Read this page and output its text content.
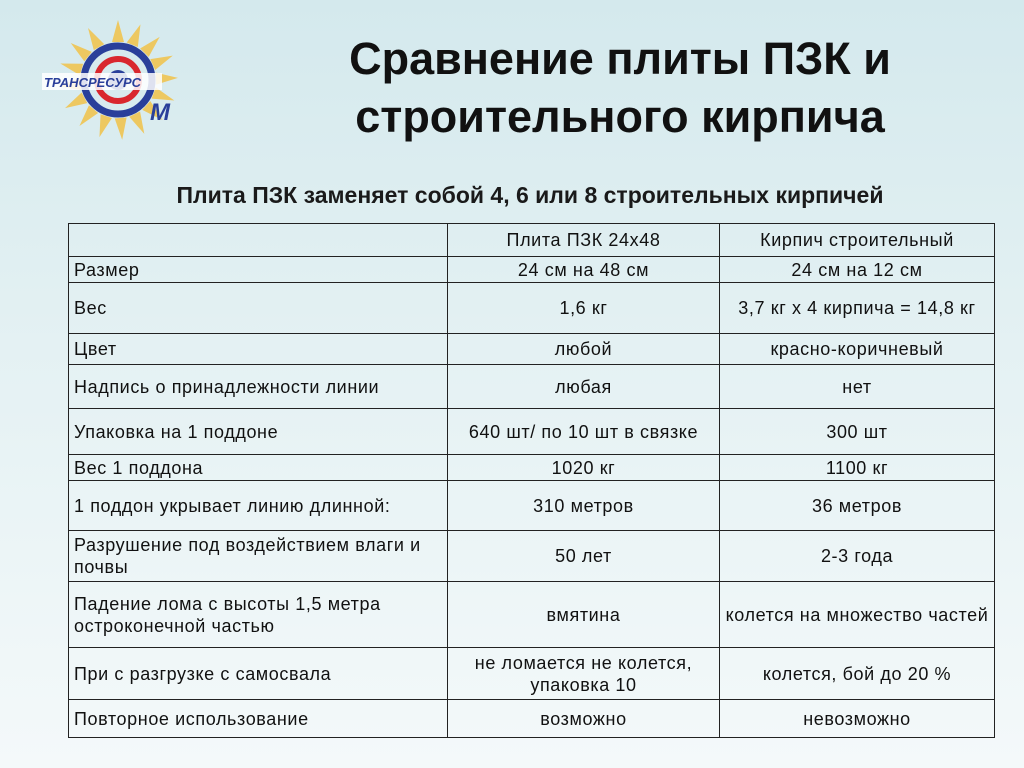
ТРАНСРЕСУРС
М
Сравнение плиты ПЗК и
строительного кирпича
Плита ПЗК заменяет собой 4, 6 или 8 строительных кирпичей
	Плита ПЗК 24х48	Кирпич строительный
Размер	24 см на 48 см	24 см на 12 см
Вес	1,6 кг	3,7 кг х 4 кирпича = 14,8 кг
Цвет	любой	красно-коричневый
Надпись о принадлежности линии	любая	нет
Упаковка на 1 поддоне	640 шт/ по 10 шт в связке	300 шт
Вес 1 поддона	1020 кг	1100 кг
1 поддон укрывает линию длинной:	310 метров	36 метров
Разрушение под воздействием влаги и почвы	50 лет	2-3 года
Падение лома с высоты 1,5 метра остроконечной частью	вмятина	колется на множество частей
При с разгрузке с самосвала	не ломается не колется, упаковка 10	колется, бой до 20 %
Повторное использование	возможно	невозможно
